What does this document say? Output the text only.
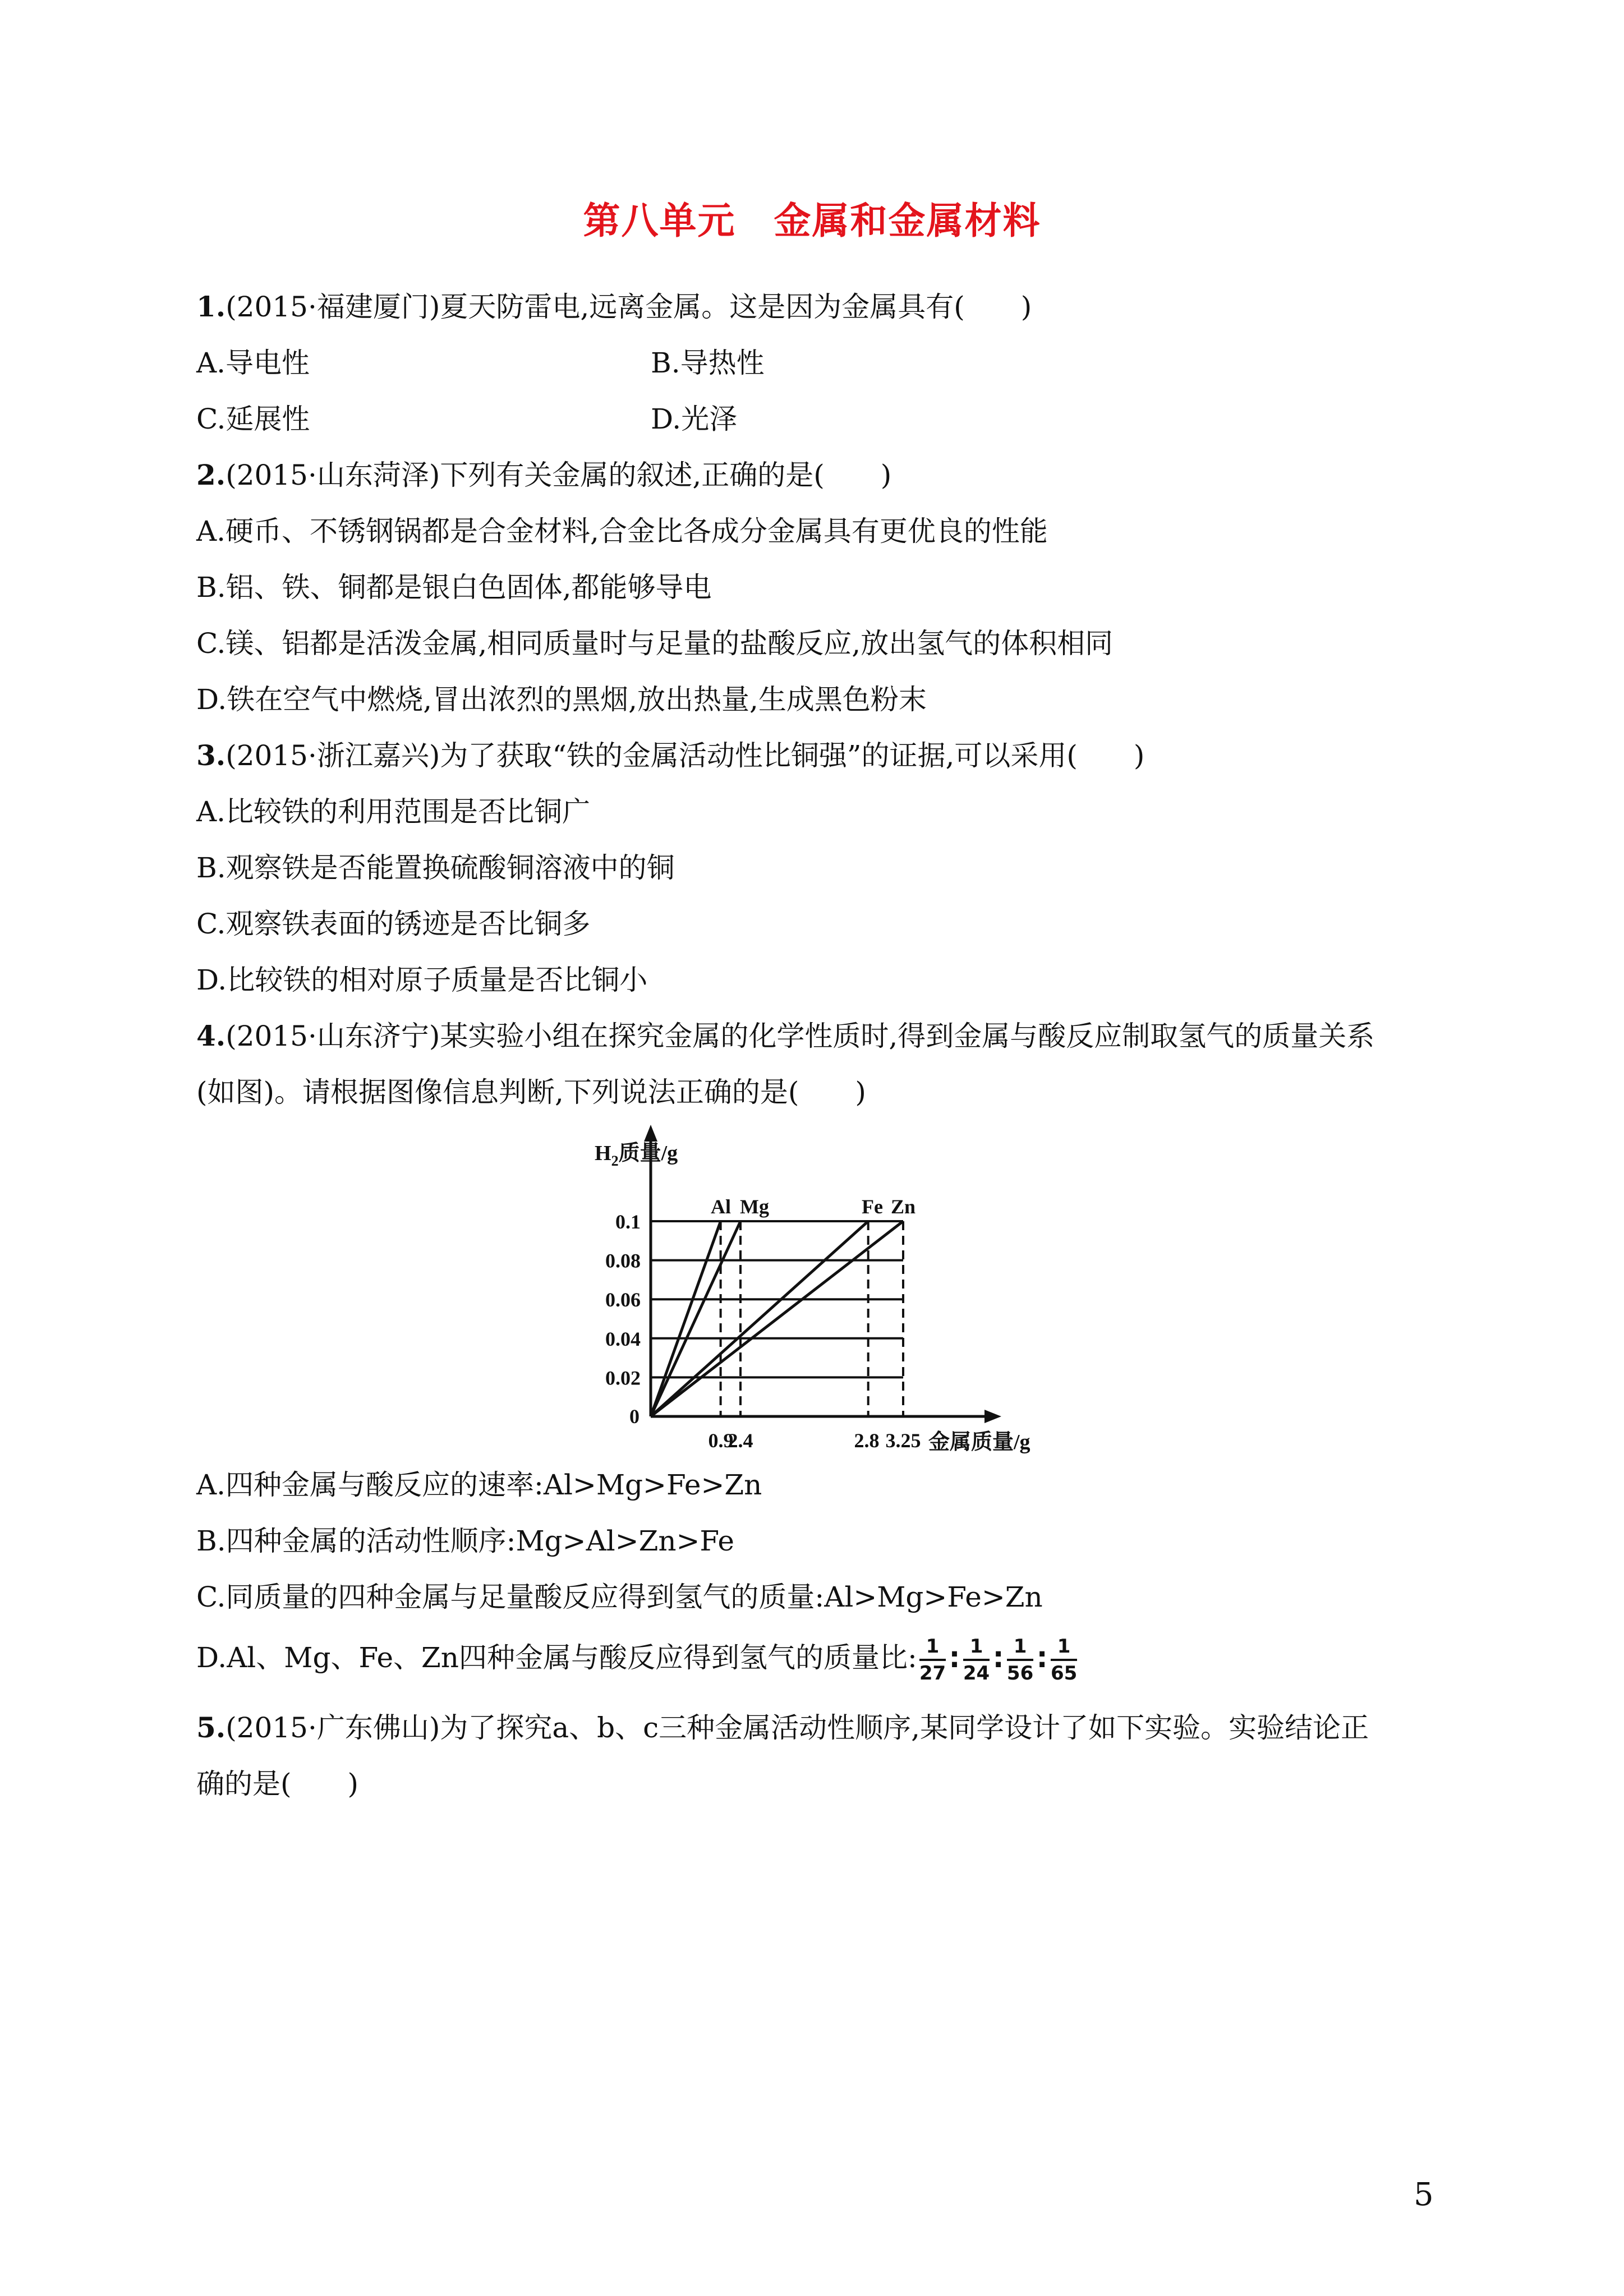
第八单元　金属和金属材料
1.(2015·福建厦门)夏天防雷电,远离金属。这是因为金属具有(　　)
A.导电性	B.导热性
C.延展性	D.光泽
2.(2015·山东菏泽)下列有关金属的叙述,正确的是(　　)
A.硬币、不锈钢锅都是合金材料,合金比各成分金属具有更优良的性能
B.铝、铁、铜都是银白色固体,都能够导电
C.镁、铝都是活泼金属,相同质量时与足量的盐酸反应,放出氢气的体积相同
D.铁在空气中燃烧,冒出浓烈的黑烟,放出热量,生成黑色粉末
3.(2015·浙江嘉兴)为了获取“铁的金属活动性比铜强”的证据,可以采用(　　)
A.比较铁的利用范围是否比铜广
B.观察铁是否能置换硫酸铜溶液中的铜
C.观察铁表面的锈迹是否比铜多
D.比较铁的相对原子质量是否比铜小
4.(2015·山东济宁)某实验小组在探究金属的化学性质时,得到金属与酸反应制取氢气的质量关系
(如图)。请根据图像信息判断,下列说法正确的是(　　)
0.02
0.04
0.06
0.08
0.1
Al Mg	Fe Zn
0.9
2.4	2.8 3.25
0
金属质量/g
$H_2$质量/g
A.四种金属与酸反应的速率:Al>Mg>Fe>Zn
B.四种金属的活动性顺序:Mg>Al>Zn>Fe
C.同质量的四种金属与足量酸反应得到氢气的质量:Al>Mg>Fe>Zn
D.Al、Mg、Fe、Zn四种金属与酸反应得到氢气的质量比: $\frac{1}{27}$ ∶ $\frac{1}{24}$ ∶ $\frac{1}{56}$ ∶ $\frac{1}{65}$
5.(2015·广东佛山)为了探究a、b、c三种金属活动性顺序,某同学设计了如下实验。实验结论正
确的是(　　)
5
